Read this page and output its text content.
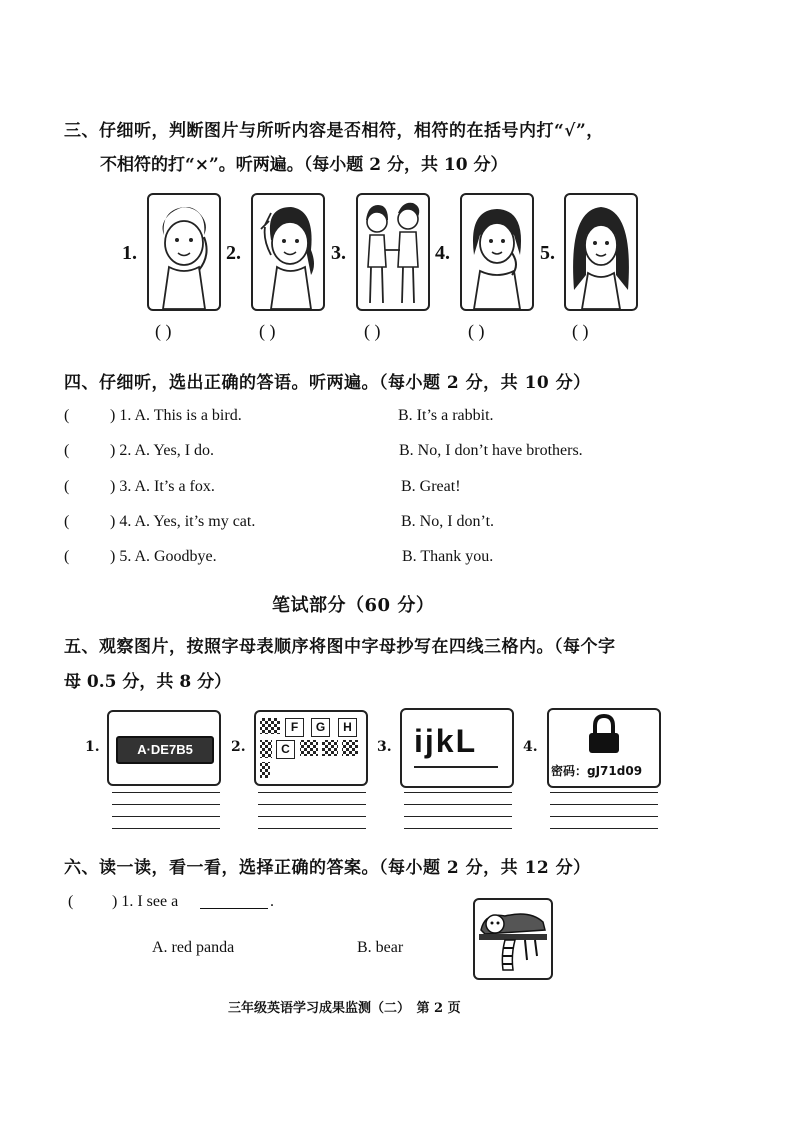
三、仔细听，判断图片与所听内容是否相符，相符的在括号内打“√”，
不相符的打“×”。听两遍。（每小题 2 分，共 10 分）
1.	2.	3.	4.	5.
( )	( )	( )	( )	( )
四、仔细听，选出正确的答语。听两遍。（每小题 2 分，共 10 分）
(	) 1. A. This is a bird.	B. It’s a rabbit.
(	) 2. A. Yes, I do.	B. No, I don’t have brothers.
(	) 3. A. It’s a fox.	B. Great!
(	) 4. A. Yes, it’s my cat.	B. No, I don’t.
(	) 5. A. Goodbye.	B. Thank you.
笔试部分（60 分）
五、观察图片，按照字母表顺序将图中字母抄写在四线三格内。（每个字
母 0.5 分，共 8 分）
1.	A·DE7B5	2.
F	G	H
C	3. ijkL	4.
密码：gJ71d09
六、读一读，看一看，选择正确的答案。（每小题 2 分，共 12 分）
( ) 1. I see a	.
A. red panda	B. bear
三年级英语学习成果监测（二）　第 2 页
